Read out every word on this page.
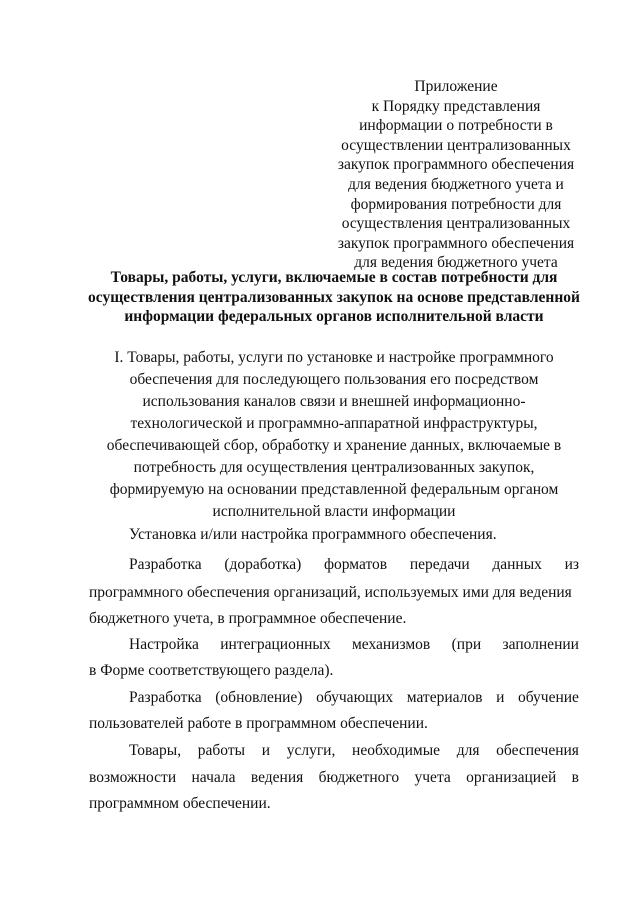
Приложение
к Порядку представления
информации о потребности в
осуществлении централизованных
закупок программного обеспечения
для ведения бюджетного учета и
формирования потребности для
осуществления централизованных
закупок программного обеспечения
для ведения бюджетного учета
Товары, работы, услуги, включаемые в состав потребности для
осуществления централизованных закупок на основе представленной
информации федеральных органов исполнительной власти
I. Товары, работы, услуги по установке и настройке программного
обеспечения для последующего пользования его посредством
использования каналов связи и внешней информационно-
технологической и программно-аппаратной инфраструктуры,
обеспечивающей сбор, обработку и хранение данных, включаемые в
потребность для осуществления централизованных закупок,
формируемую на основании представленной федеральным органом
исполнительной власти информации
Установка и/или настройка программного обеспечения.
Разработка (доработка) форматов передачи данных из
программного обеспечения организаций, используемых ими для ведения
бюджетного учета, в программное обеспечение.
Настройка интеграционных механизмов (при заполнении
в Форме соответствующего раздела).
Разработка (обновление) обучающих материалов и обучение
пользователей работе в программном обеспечении.
Товары, работы и услуги, необходимые для обеспечения
возможности начала ведения бюджетного учета организацией в
программном обеспечении.
